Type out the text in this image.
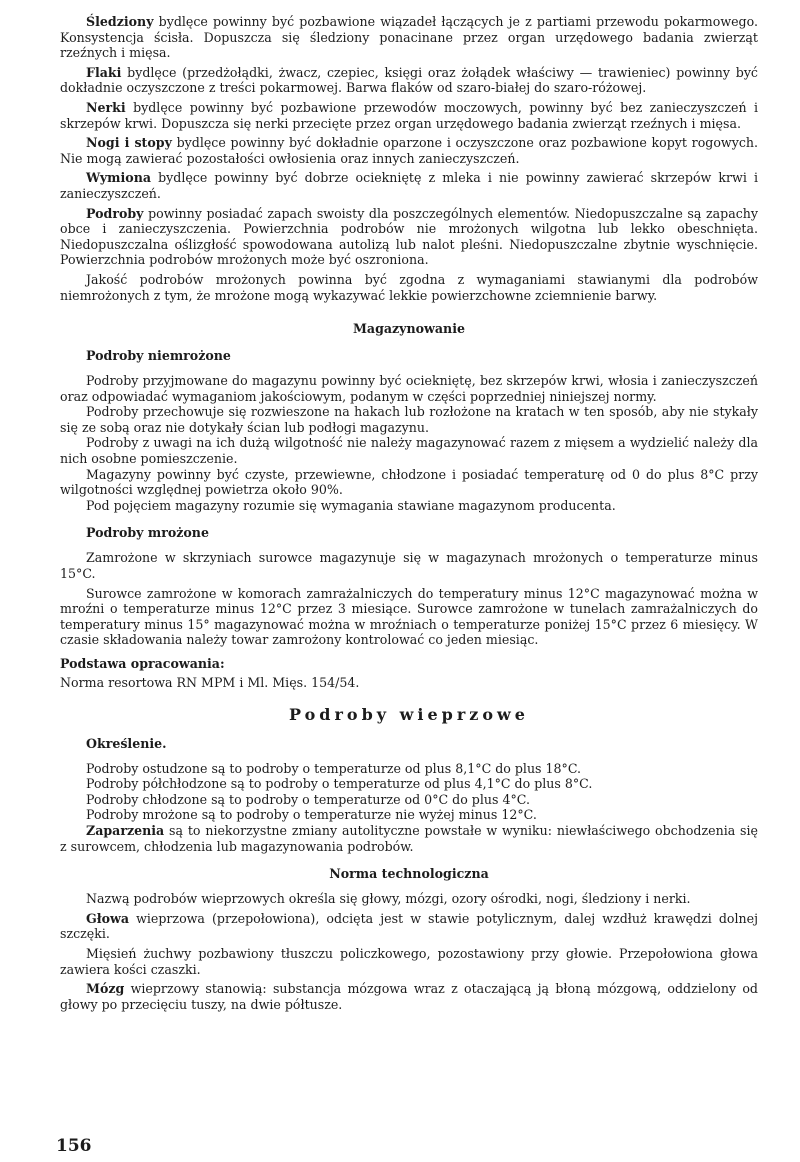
Śledziony bydlęce powinny być pozbawione wiązadeł łączących je z partiami przewodu pokarmowego. Konsystencja ścisła. Dopuszcza się śledziony ponacinane przez organ urzędowego badania zwierząt rzeźnych i mięsa.

Flaki bydlęce (przedżołądki, żwacz, czepiec, księgi oraz żołądek właściwy — trawieniec) powinny być dokładnie oczyszczone z treści pokarmowej. Barwa flaków od szaro-białej do szaro-różowej.

Nerki bydlęce powinny być pozbawione przewodów moczowych, powinny być bez zanieczyszczeń i skrzepów krwi. Dopuszcza się nerki przecięte przez organ urzędowego badania zwierząt rzeźnych i mięsa.

Nogi i stopy bydlęce powinny być dokładnie oparzone i oczyszczone oraz pozbawione kopyt rogowych. Nie mogą zawierać pozostałości owłosienia oraz innych zanieczyszczeń.

Wymiona bydlęce powinny być dobrze ociekniętę z mleka i nie powinny zawierać skrzepów krwi i zanieczyszczeń.

Podroby powinny posiadać zapach swoisty dla poszczególnych elementów. Niedopuszczalne są zapachy obce i zanieczyszczenia. Powierzchnia podrobów nie mrożonych wilgotna lub lekko obeschnięta. Niedopuszczalna oślizgłość spowodowana autolizą lub nalot pleśni. Niedopuszczalne zbytnie wyschnięcie. Powierzchnia podrobów mrożonych może być oszroniona.

Jakość podrobów mrożonych powinna być zgodna z wymaganiami stawianymi dla podrobów niemrożonych z tym, że mrożone mogą wykazywać lekkie powierzchowne zciemnienie barwy.

Magazynowanie
Podroby niemrożone

Podroby przyjmowane do magazynu powinny być ociekniętę, bez skrzepów krwi, włosia i zanieczyszczeń oraz odpowiadać wymaganiom jakościowym, podanym w części poprzedniej niniejszej normy.

Podroby przechowuje się rozwieszone na hakach lub rozłożone na kratach w ten sposób, aby nie stykały się ze sobą oraz nie dotykały ścian lub podłogi magazynu.

Podroby z uwagi na ich dużą wilgotność nie należy magazynować razem z mięsem a wydzielić należy dla nich osobne pomieszczenie.

Magazyny powinny być czyste, przewiewne, chłodzone i posiadać temperaturę od 0 do plus 8°C przy wilgotności względnej powietrza około 90%.

Pod pojęciem magazyny rozumie się wymagania stawiane magazynom producenta.

Podroby mrożone

Zamrożone w skrzyniach surowce magazynuje się w magazynach mrożonych o temperaturze minus 15°C.

Surowce zamrożone w komorach zamrażalniczych do temperatury minus 12°C magazynować można w mroźni o temperaturze minus 12°C przez 3 miesiące. Surowce zamrożone w tunelach zamrażalniczych do temperatury minus 15° magazynować można w mroźniach o temperaturze poniżej 15°C przez 6 miesięcy. W czasie składowania należy towar zamrożony kontrolować co jeden miesiąc.

Podstawa opracowania:

Norma resortowa RN MPM i Ml. Mięs. 154/54.

Podroby wieprzowe
Określenie.

Podroby ostudzone są to podroby o temperaturze od plus 8,1°C do plus 18°C.

Podroby półchłodzone są to podroby o temperaturze od plus 4,1°C do plus 8°C.

Podroby chłodzone są to podroby o temperaturze od 0°C do plus 4°C.

Podroby mrożone są to podroby o temperaturze nie wyżej minus 12°C.

Zaparzenia są to niekorzystne zmiany autolityczne powstałe w wyniku: niewłaściwego obchodzenia się z surowcem, chłodzenia lub magazynowania podrobów.

Norma technologiczna

Nazwą podrobów wieprzowych określa się głowy, mózgi, ozory ośrodki, nogi, śledziony i nerki.

Głowa wieprzowa (przepołowiona), odcięta jest w stawie potylicznym, dalej wzdłuż krawędzi dolnej szczęki.

Mięsień żuchwy pozbawiony tłuszczu policzkowego, pozostawiony przy głowie. Przepołowiona głowa zawiera kości czaszki.

Mózg wieprzowy stanowią: substancja mózgowa wraz z otaczającą ją błoną mózgową, oddzielony od głowy po przecięciu tuszy, na dwie półtusze.

156
